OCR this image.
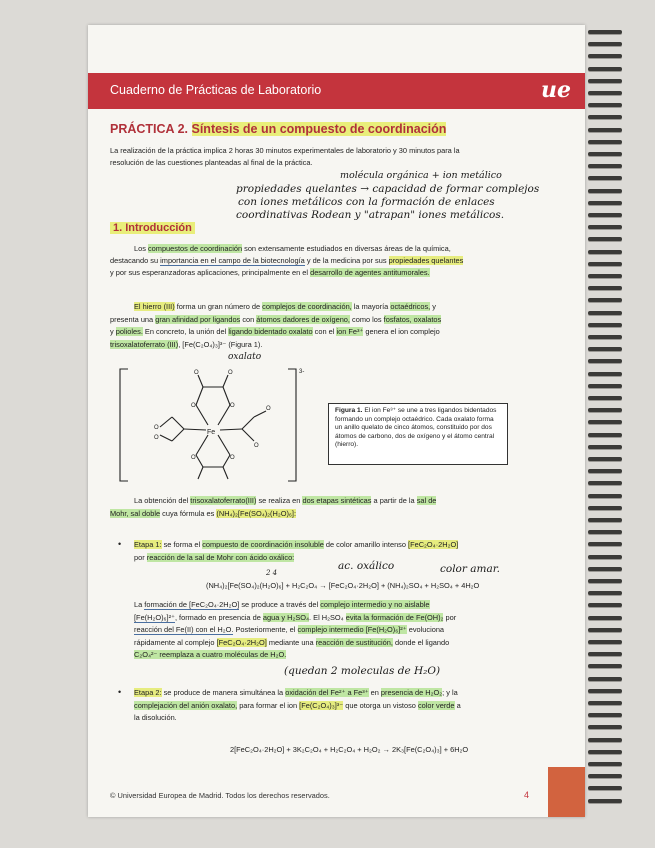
Cuaderno de Prácticas de Laboratorio	ue
PRÁCTICA 2. Síntesis de un compuesto de coordinación
La realización de la práctica implica 2 horas 30 minutos experimentales de laboratorio y 30 minutos para la
resolución de las cuestiones planteadas al final de la práctica.
molécula orgánica + ion metálico
propiedades quelantes → capacidad de formar complejos
con iones metálicos con la formación de enlaces
coordinativas Rodean y "atrapan" iones metálicos.
1. Introducción
Los compuestos de coordinación son extensamente estudiados en diversas áreas de la química,
destacando su importancia en el campo de la biotecnología y de la medicina por sus propiedades quelantes
y por sus esperanzadoras aplicaciones, principalmente en el desarrollo de agentes antitumorales.
El hierro (III) forma un gran número de complejos de coordinación, la mayoría octaédricos, y
presenta una gran afinidad por ligandos con átomos dadores de oxígeno, como los fosfatos, oxalatos
y polioles. En concreto, la unión del ligando bidentado oxalato con el ion Fe³⁺ genera el ion complejo
trisoxalatoferrato (III), [Fe(C₂O₄)₃]³⁻ (Figura 1).
oxalato
Fe
O	O
O	O
O
O
O
O
O	O
3-
Figura 1. El ion Fe³⁺ se une a tres ligandos bidentados formando un complejo octaédrico. Cada oxalato forma un anillo quelato de cinco átomos, constituido por dos átomos de carbono, dos de oxígeno y el átomo central (hierro).
La obtención del trisoxalatoferrato(III) se realiza en dos etapas sintéticas a partir de la sal de
Mohr, sal doble cuya fórmula es (NH₄)₂[Fe(SO₄)₂(H₂O)₆]:
• Etapa 1: se forma el compuesto de coordinación insoluble de color amarillo intenso [FeC₂O₄·2H₂O]
por reacción de la sal de Mohr con ácido oxálico:
2 4
ac. oxálico	color amar.
(NH₄)₂[Fe(SO₄)₂(H₂O)₆] + H₂C₂O₄ → [FeC₂O₄·2H₂O] + (NH₄)₂SO₄ + H₂SO₄ + 4H₂O
La formación de [FeC₂O₄·2H₂O] se produce a través del complejo intermedio y no aislable
[Fe(H₂O)₆]²⁺, formado en presencia de agua y H₂SO₄. El H₂SO₄ evita la formación de Fe(OH)₂ por
reacción del Fe(II) con el H₂O. Posteriormente, el complejo intermedio [Fe(H₂O)₆]²⁺ evoluciona
rápidamente al complejo [FeC₂O₄·2H₂O] mediante una reacción de sustitución, donde el ligando
C₂O₄²⁻ reemplaza a cuatro moléculas de H₂O.
(quedan 2 moleculas de H₂O)
• Etapa 2: se produce de manera simultánea la oxidación del Fe²⁺ a Fe³⁺ en presencia de H₂O₂; y la
complejación del anión oxalato, para formar el ion [Fe(C₂O₄)₃]³⁻ que otorga un vistoso color verde a
la disolución.
2[FeC₂O₄·2H₂O] + 3K₂C₂O₄ + H₂C₂O₄ + H₂O₂ → 2K₃[Fe(C₂O₄)₃] + 6H₂O
© Universidad Europea de Madrid. Todos los derechos reservados.	4
